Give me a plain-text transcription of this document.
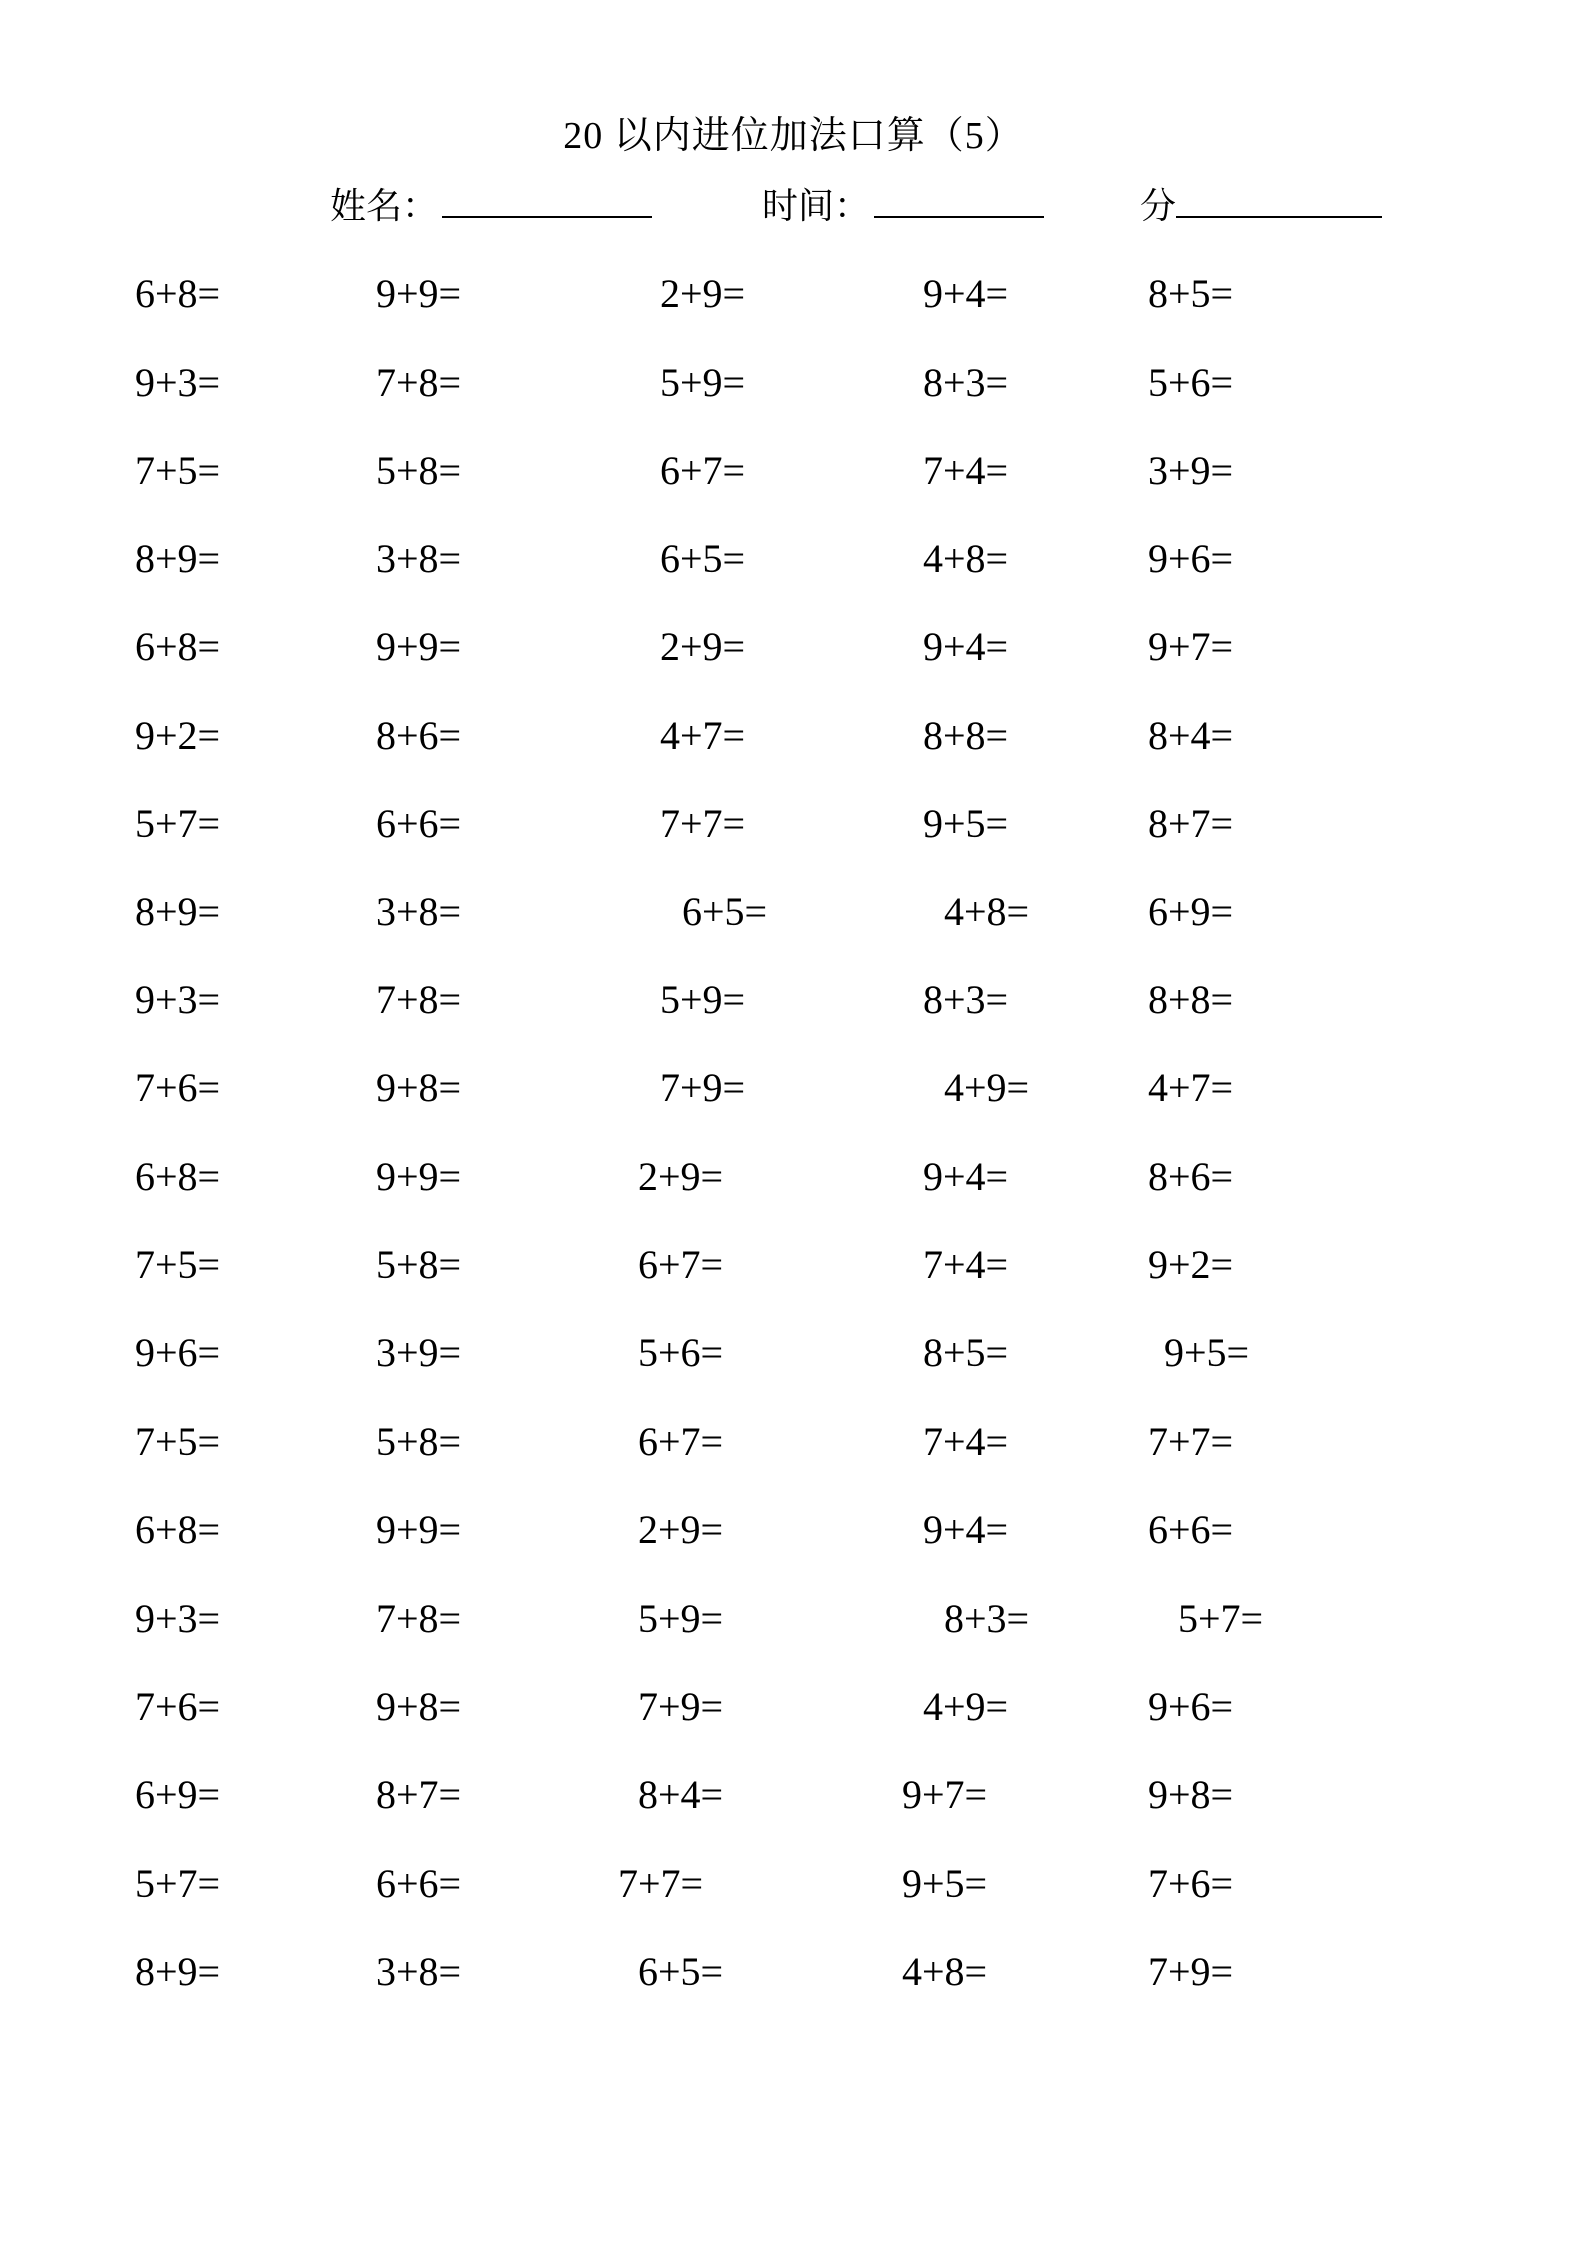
20 以内进位加法口算（5）
姓名：	时间：	分
6+8=	9+9=	2+9=	9+4=	8+5=
9+3=	7+8=	5+9=	8+3=	5+6=
7+5=	5+8=	6+7=	7+4=	3+9=
8+9=	3+8=	6+5=	4+8=	9+6=
6+8=	9+9=	2+9=	9+4=	9+7=
9+2=	8+6=	4+7=	8+8=	8+4=
5+7=	6+6=	7+7=	9+5=	8+7=
8+9=	3+8=	6+5=	4+8=	6+9=
9+3=	7+8=	5+9=	8+3=	8+8=
7+6=	9+8=	7+9=	4+9=	4+7=
6+8=	9+9=	2+9=	9+4=	8+6=
7+5=	5+8=	6+7=	7+4=	9+2=
9+6=	3+9=	5+6=	8+5=	9+5=
7+5=	5+8=	6+7=	7+4=	7+7=
6+8=	9+9=	2+9=	9+4=	6+6=
9+3=	7+8=	5+9=	8+3=	5+7=
7+6=	9+8=	7+9=	4+9=	9+6=
6+9=	8+7=	8+4=	9+7=	9+8=
5+7=	6+6=	7+7=	9+5=	7+6=
8+9=	3+8=	6+5=	4+8=	7+9=
